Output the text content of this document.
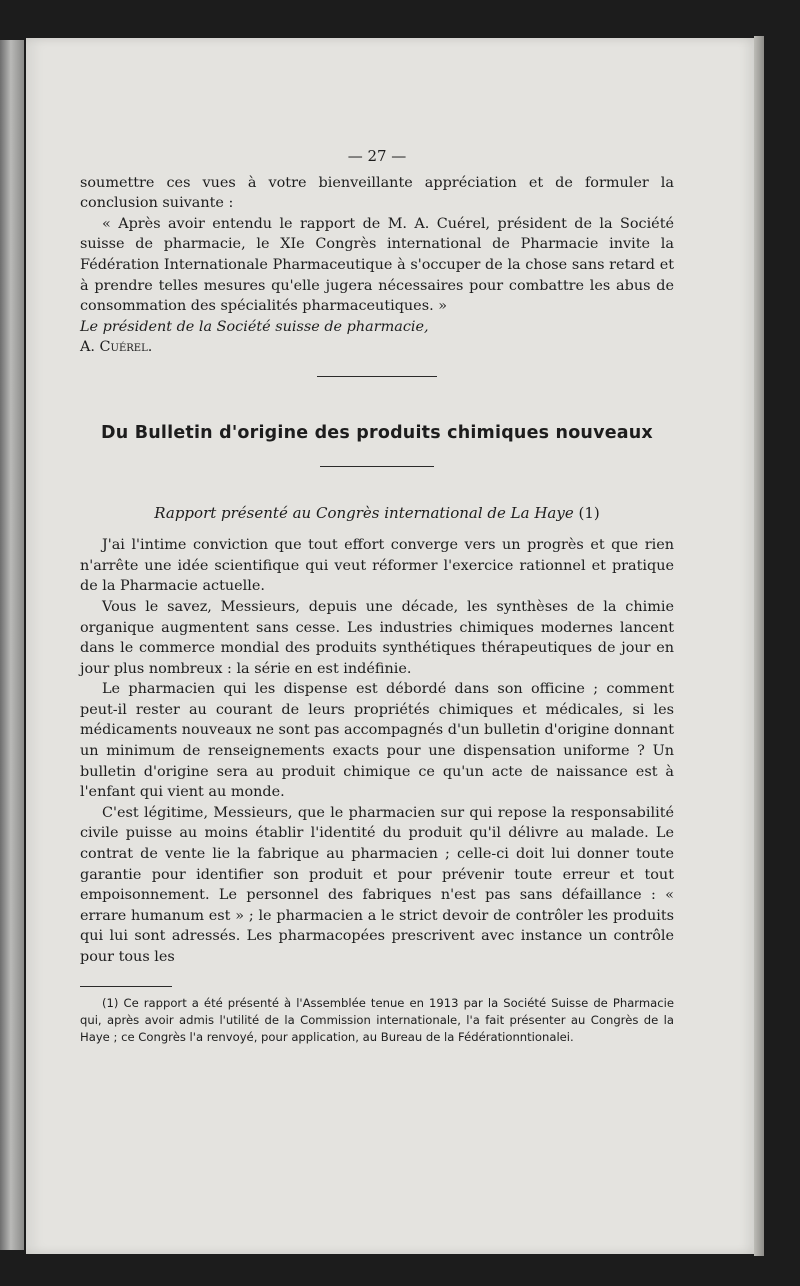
— 27 —

soumettre ces vues à votre bienveillante appréciation et de formuler la conclusion suivante :

« Après avoir entendu le rapport de M. A. Cuérel, président de la Société suisse de pharmacie, le XIe Congrès international de Pharmacie invite la Fédération Internationale Pharmaceutique à s'occuper de la chose sans retard et à prendre telles mesures qu'elle jugera nécessaires pour combattre les abus de consommation des spécialités pharmaceutiques. »

Le président de la Société suisse de pharmacie,

A. Cuérel.

Du Bulletin d'origine des produits chimiques nouveaux

Rapport présenté au Congrès international de La Haye (1)

J'ai l'intime conviction que tout effort converge vers un progrès et que rien n'arrête une idée scientifique qui veut réformer l'exercice rationnel et pratique de la Pharmacie actuelle.

Vous le savez, Messieurs, depuis une décade, les synthèses de la chimie organique augmentent sans cesse. Les industries chimiques modernes lancent dans le commerce mondial des produits synthétiques thérapeutiques de jour en jour plus nombreux : la série en est indéfinie.

Le pharmacien qui les dispense est débordé dans son officine ; comment peut-il rester au courant de leurs propriétés chimiques et médicales, si les médicaments nouveaux ne sont pas accompagnés d'un bulletin d'origine donnant un minimum de renseignements exacts pour une dispensation uniforme ? Un bulletin d'origine sera au produit chimique ce qu'un acte de naissance est à l'enfant qui vient au monde.

C'est légitime, Messieurs, que le pharmacien sur qui repose la responsabilité civile puisse au moins établir l'identité du produit qu'il délivre au malade. Le contrat de vente lie la fabrique au pharmacien ; celle-ci doit lui donner toute garantie pour identifier son produit et pour prévenir toute erreur et tout empoisonnement. Le personnel des fabriques n'est pas sans défaillance : « errare humanum est » ; le pharmacien a le strict devoir de contrôler les produits qui lui sont adressés. Les pharmacopées prescrivent avec instance un contrôle pour tous les

(1) Ce rapport a été présenté à l'Assemblée tenue en 1913 par la Société Suisse de Pharmacie qui, après avoir admis l'utilité de la Commission internationale, l'a fait présenter au Congrès de la Haye ; ce Congrès l'a renvoyé, pour application, au Bureau de la Fédérationntionalei.
